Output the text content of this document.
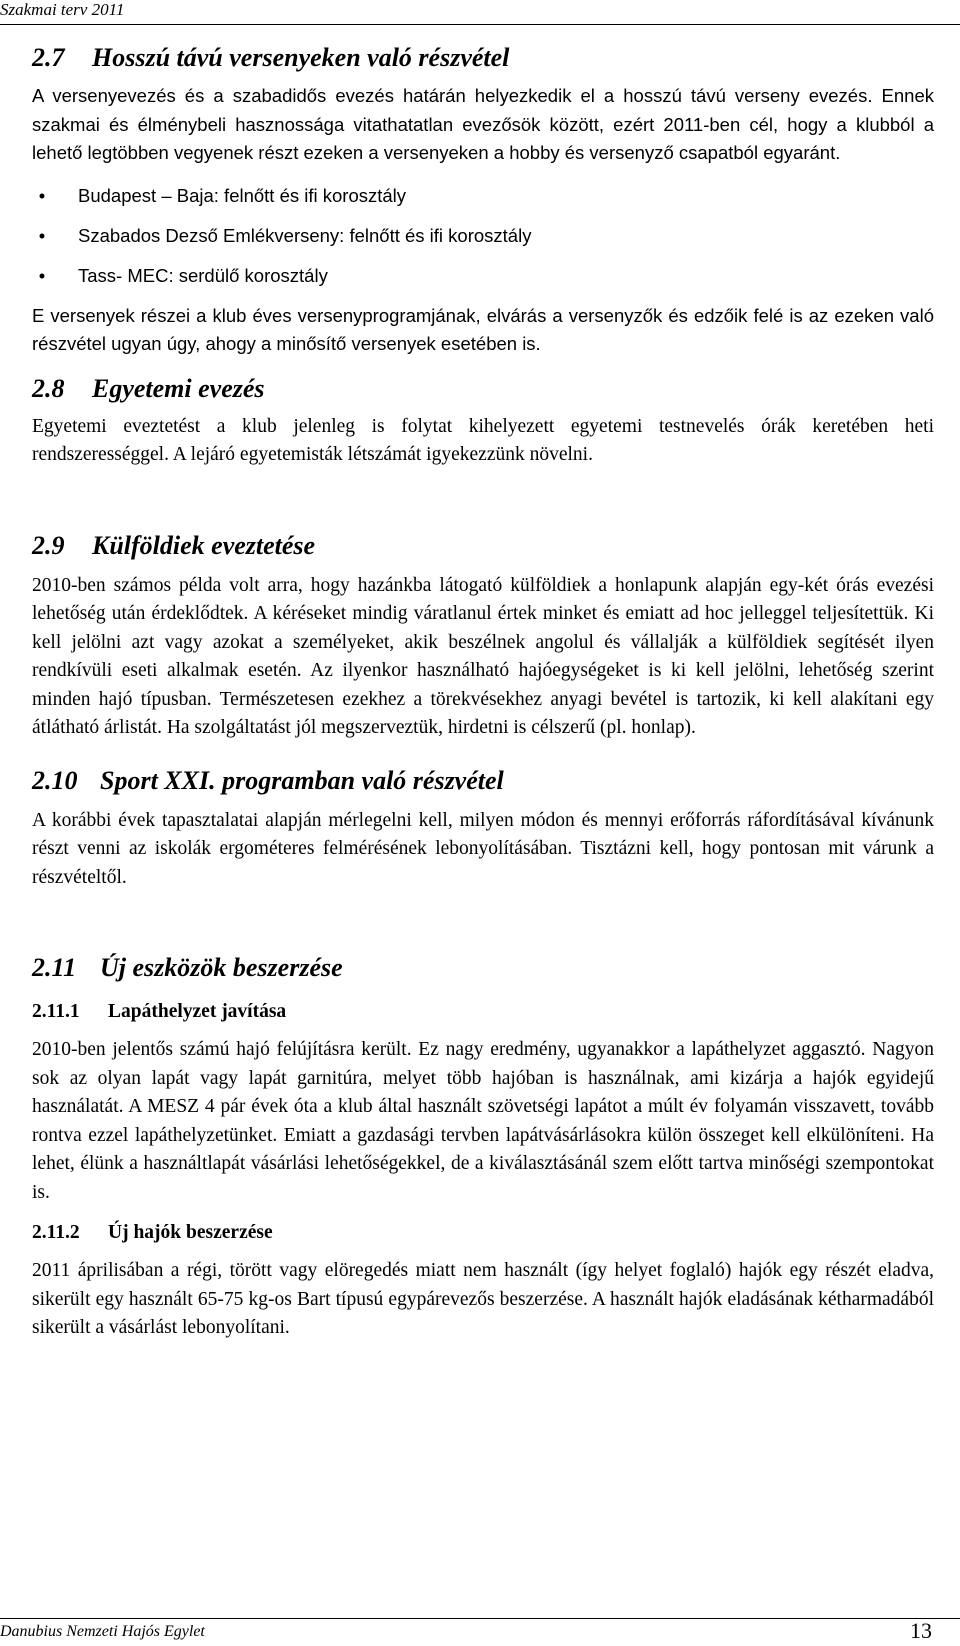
Szakmai terv 2011
2.7 Hosszú távú versenyeken való részvétel

A versenyevezés és a szabadidős evezés határán helyezkedik el a hosszú távú verseny evezés. Ennek szakmai és élménybeli hasznossága vitathatatlan evezősök között, ezért 2011-ben cél, hogy a klubból a lehető legtöbben vegyenek részt ezeken a versenyeken a hobby és versenyző csapatból egyaránt.

•	Budapest – Baja: felnőtt és ifi korosztály
•	Szabados Dezső Emlékverseny: felnőtt és ifi korosztály
•	Tass- MEC: serdülő korosztály

E versenyek részei a klub éves versenyprogramjának, elvárás a versenyzők és edzőik felé is az ezeken való részvétel ugyan úgy, ahogy a minősítő versenyek esetében is.

2.8 Egyetemi evezés

Egyetemi eveztetést a klub jelenleg is folytat kihelyezett egyetemi testnevelés órák keretében heti rendszerességgel. A lejáró egyetemisták létszámát igyekezzünk növelni.

2.9 Külföldiek eveztetése

2010-ben számos példa volt arra, hogy hazánkba látogató külföldiek a honlapunk alapján egy-két órás evezési lehetőség után érdeklődtek. A kéréseket mindig váratlanul értek minket és emiatt ad hoc jelleggel teljesítettük. Ki kell jelölni azt vagy azokat a személyeket, akik beszélnek angolul és vállalják a külföldiek segítését ilyen rendkívüli eseti alkalmak esetén. Az ilyenkor használható hajóegységeket is ki kell jelölni, lehetőség szerint minden hajó típusban. Természetesen ezekhez a törekvésekhez anyagi bevétel is tartozik, ki kell alakítani egy átlátható árlistát. Ha szolgáltatást jól megszerveztük, hirdetni is célszerű (pl. honlap).

2.10 Sport XXI. programban való részvétel

A korábbi évek tapasztalatai alapján mérlegelni kell, milyen módon és mennyi erőforrás ráfordításával kívánunk részt venni az iskolák ergométeres felmérésének lebonyolításában. Tisztázni kell, hogy pontosan mit várunk a részvételtől.

2.11 Új eszközök beszerzése
2.11.1 Lapáthelyzet javítása

2010-ben jelentős számú hajó felújításra került. Ez nagy eredmény, ugyanakkor a lapáthelyzet aggasztó. Nagyon sok az olyan lapát vagy lapát garnitúra, melyet több hajóban is használnak, ami kizárja a hajók egyidejű használatát. A MESZ 4 pár évek óta a klub által használt szövetségi lapátot a múlt év folyamán visszavett, tovább rontva ezzel lapáthelyzetünket. Emiatt a gazdasági tervben lapátvásárlásokra külön összeget kell elkülöníteni. Ha lehet, élünk a használtlapát vásárlási lehetőségekkel, de a kiválasztásánál szem előtt tartva minőségi szempontokat is.

2.11.2 Új hajók beszerzése

2011 áprilisában a régi, törött vagy elöregedés miatt nem használt (így helyet foglaló) hajók egy részét eladva, sikerült egy használt 65-75 kg-os Bart típusú egypárevezős beszerzése. A használt hajók eladásának kétharmadából sikerült a vásárlást lebonyolítani.

Danubius Nemzeti Hajós Egylet	13
